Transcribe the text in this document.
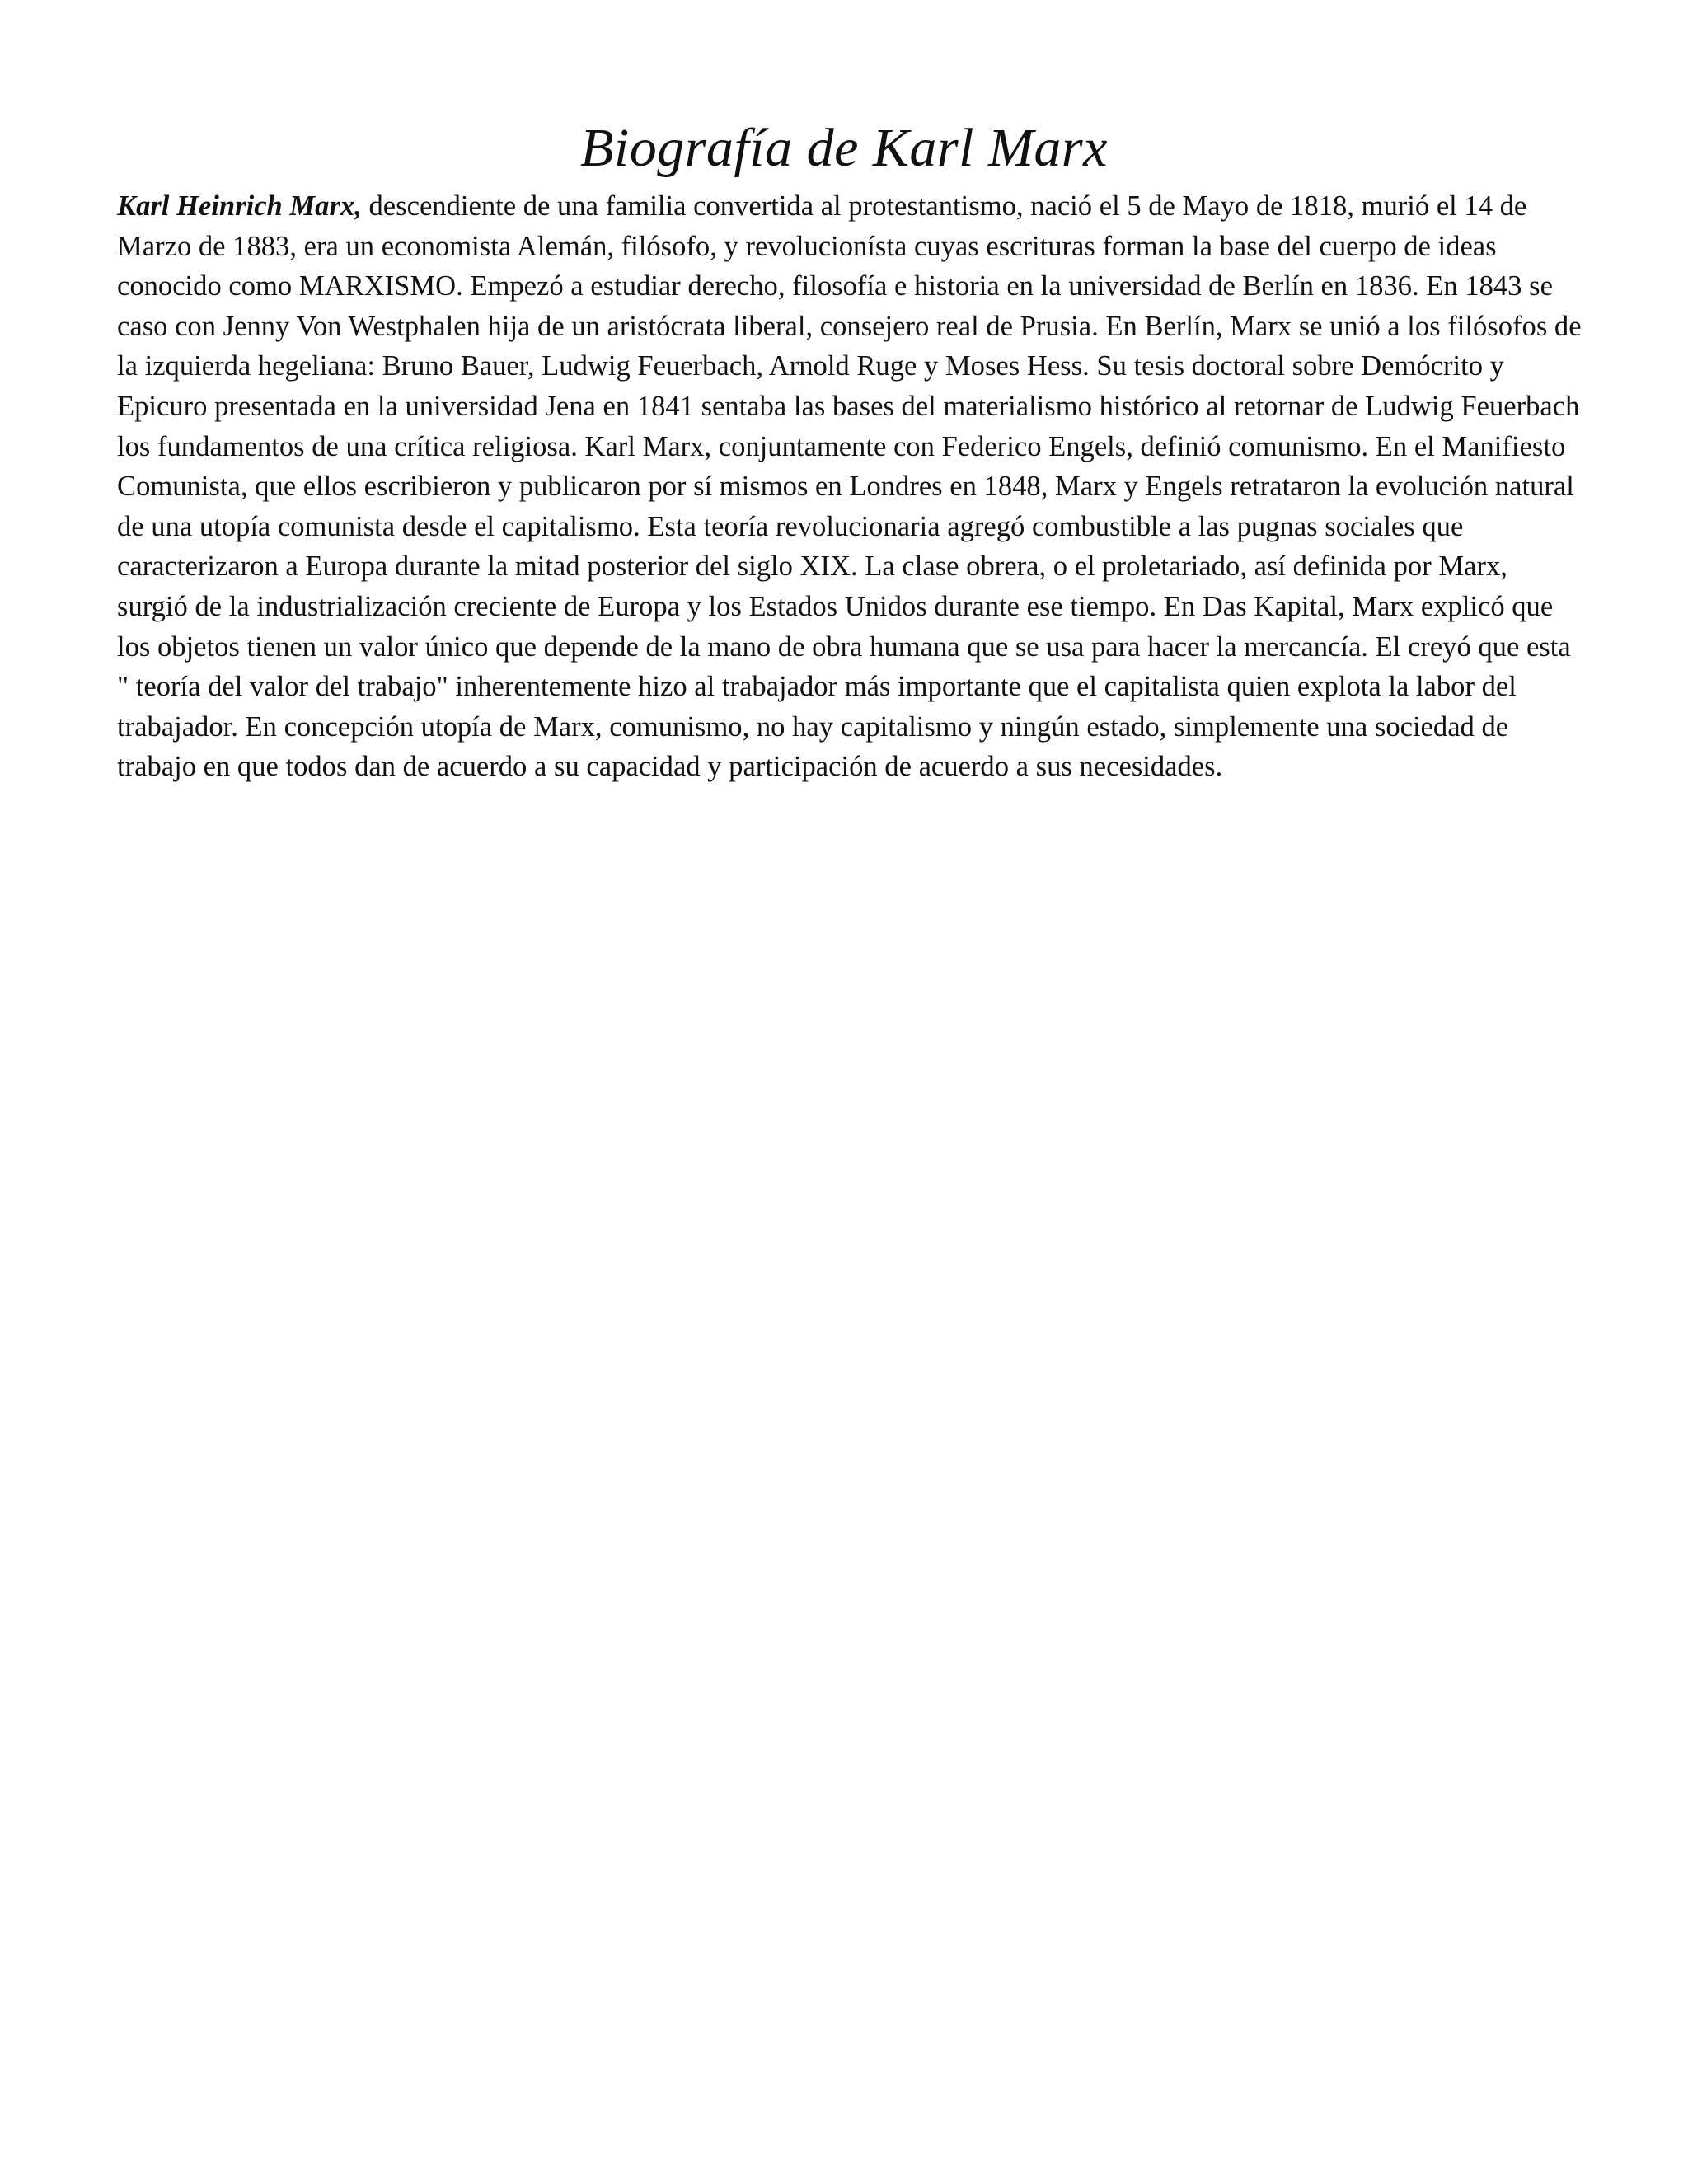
Biografía de Karl Marx

Karl Heinrich Marx, descendiente de una familia convertida al protestantismo, nació el 5 de Mayo de 1818, murió el 14 de Marzo de 1883, era un economista Alemán, filósofo, y revolucionísta cuyas escrituras forman la base del cuerpo de ideas conocido como MARXISMO. Empezó a estudiar derecho, filosofía e historia en la universidad de Berlín en 1836. En 1843 se caso con Jenny Von Westphalen hija de un aristócrata liberal, consejero real de Prusia. En Berlín, Marx se unió a los filósofos de la izquierda hegeliana: Bruno Bauer, Ludwig Feuerbach, Arnold Ruge y Moses Hess. Su tesis doctoral sobre Demócrito y Epicuro presentada en la universidad Jena en 1841 sentaba las bases del materialismo histórico al retornar de Ludwig Feuerbach los fundamentos de una crítica religiosa. Karl Marx, conjuntamente con Federico Engels, definió comunismo. En el Manifiesto Comunista, que ellos escribieron y publicaron por sí mismos en Londres en 1848, Marx y Engels retrataron la evolución natural de una utopía comunista desde el capitalismo. Esta teoría revolucionaria agregó combustible a las pugnas sociales que caracterizaron a Europa durante la mitad posterior del siglo XIX. La clase obrera, o el proletariado, así definida por Marx, surgió de la industrialización creciente de Europa y los Estados Unidos durante ese tiempo. En Das Kapital, Marx explicó que los objetos tienen un valor único que depende de la mano de obra humana que se usa para hacer la mercancía. El creyó que esta " teoría del valor del trabajo" inherentemente hizo al trabajador más importante que el capitalista quien explota la labor del trabajador. En concepción utopía de Marx, comunismo, no hay capitalismo y ningún estado, simplemente una sociedad de trabajo en que todos dan de acuerdo a su capacidad y participación de acuerdo a sus necesidades.
